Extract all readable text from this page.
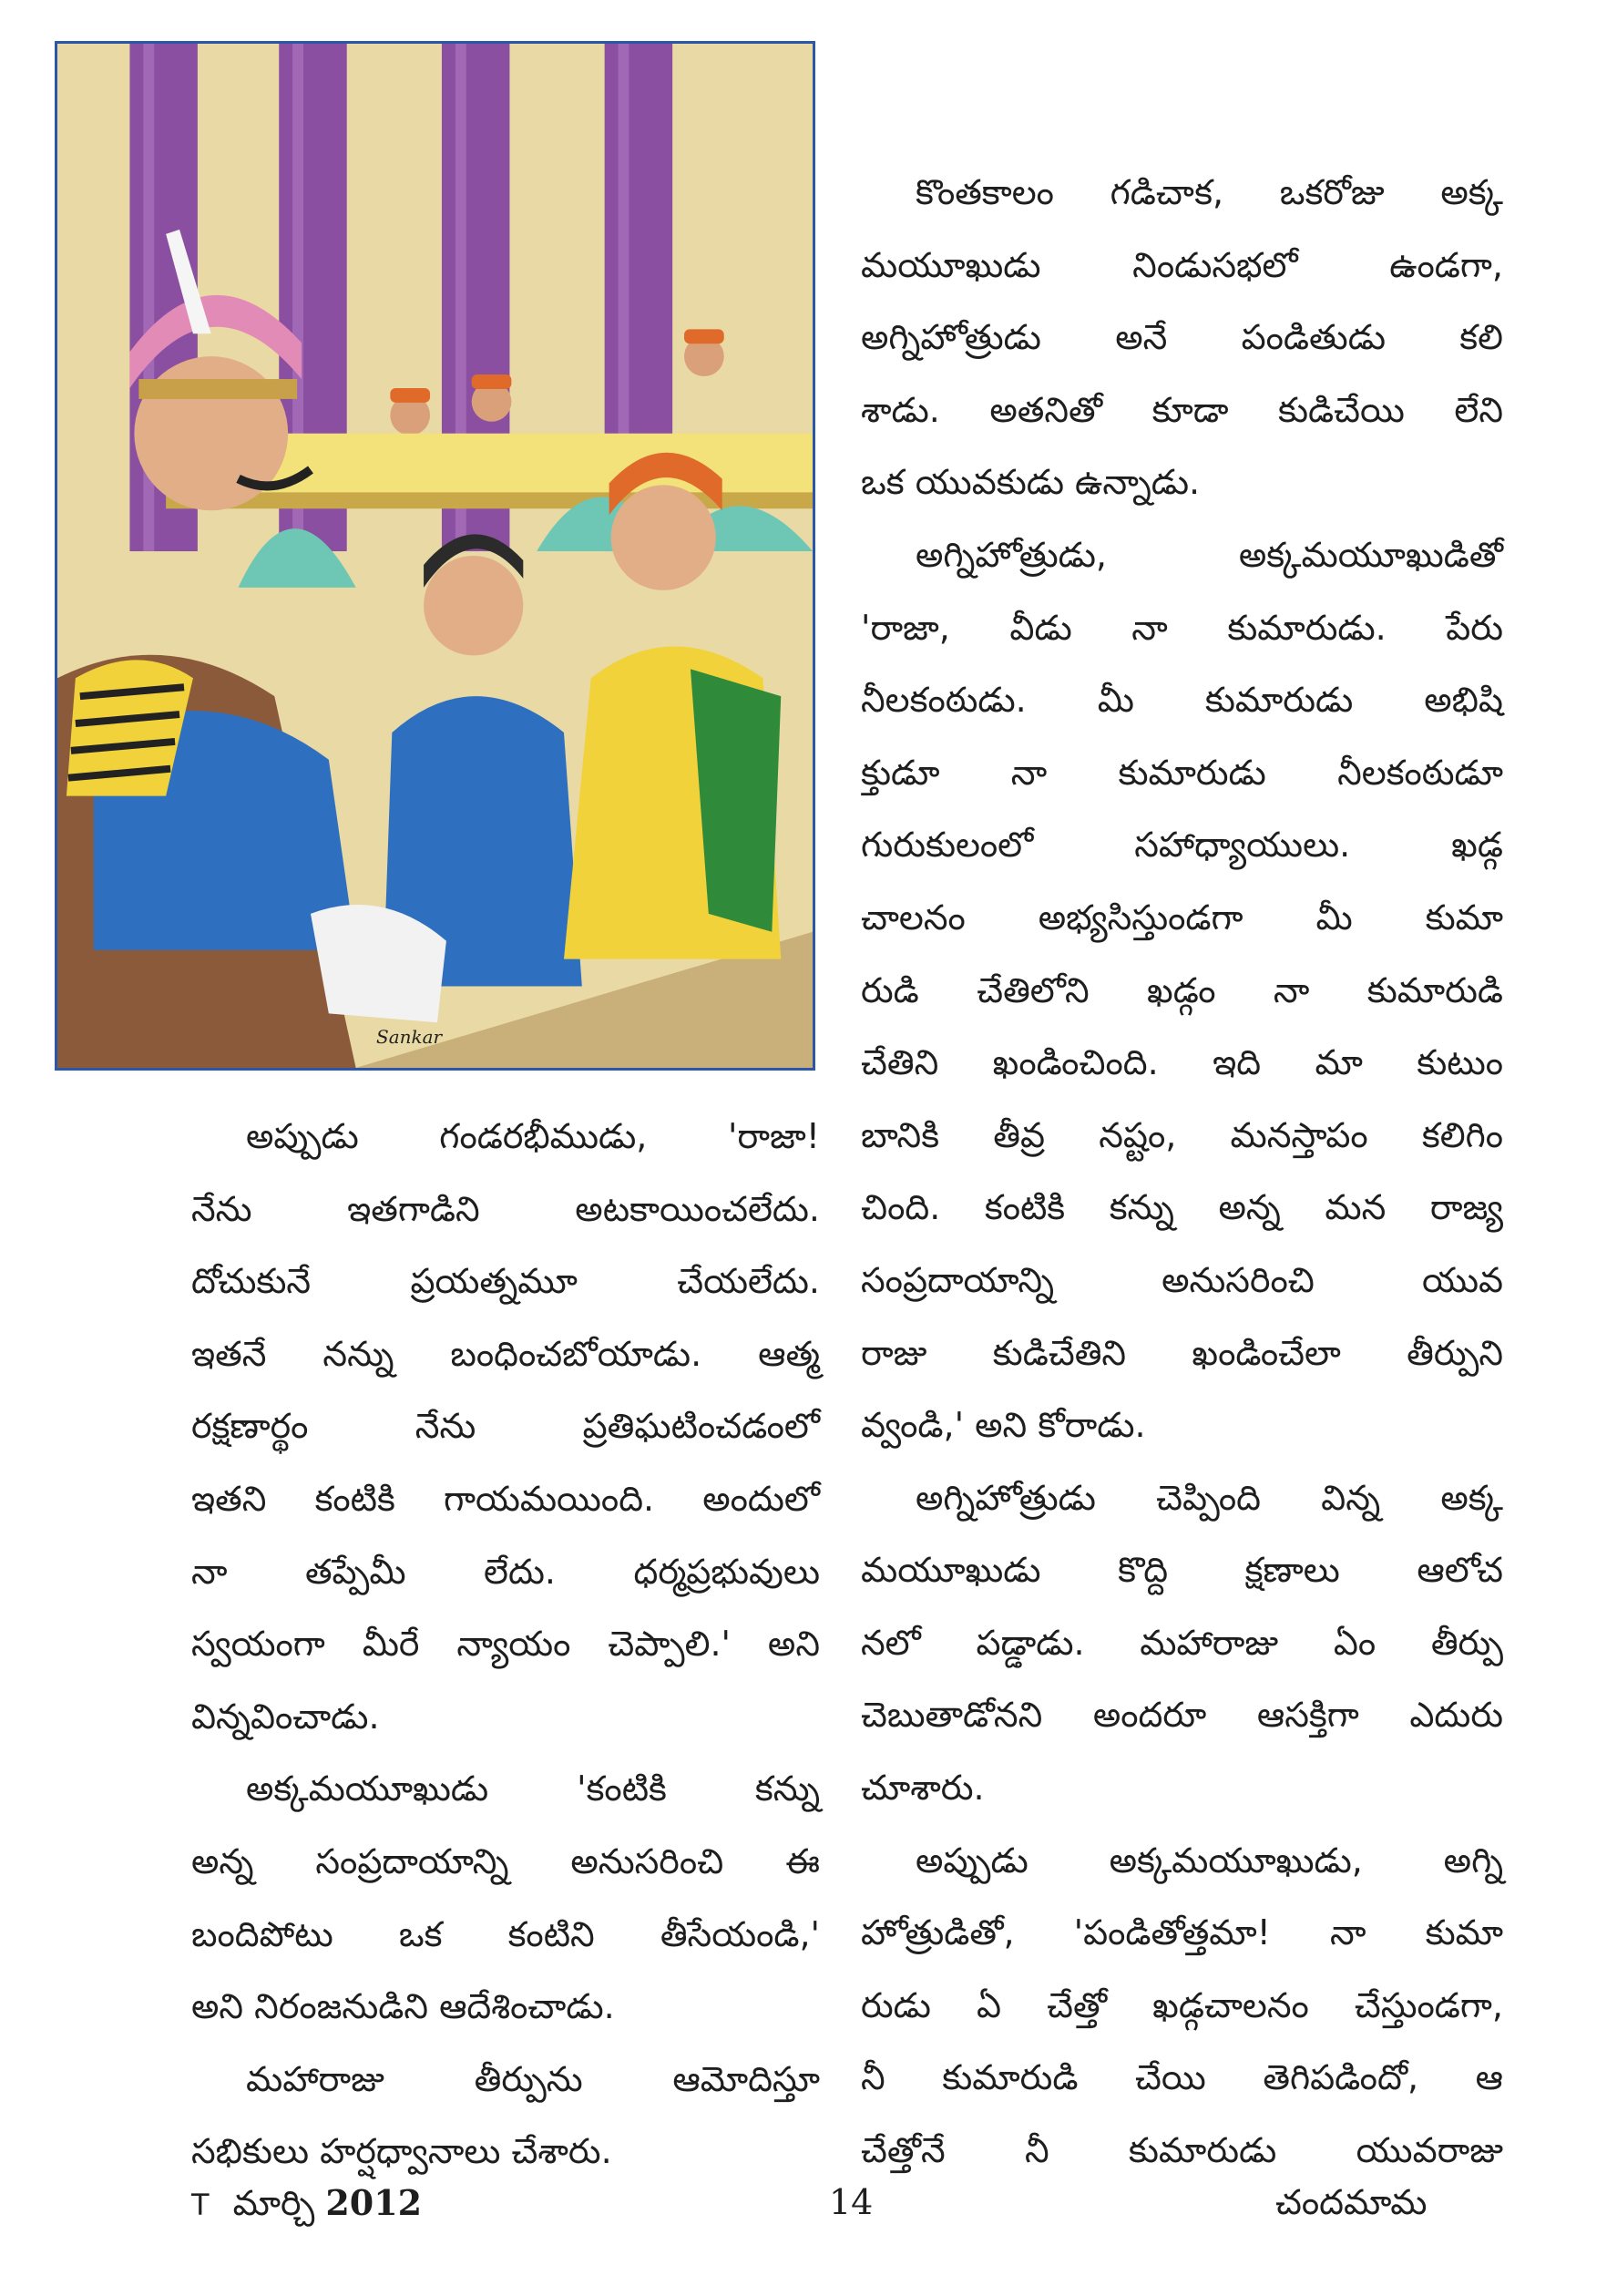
Sankar

కొంతకాలం గడిచాక, ఒకరోజు అక్క

మయూఖుడు నిండుసభలో ఉండగా,

అగ్నిహోత్రుడు అనే పండితుడు కలి

శాడు. అతనితో కూడా కుడిచేయి లేని

ఒక యువకుడు ఉన్నాడు.

అగ్నిహోత్రుడు, అక్కమయూఖుడితో

'రాజా, వీడు నా కుమారుడు. పేరు

నీలకంఠుడు. మీ కుమారుడు అభిషి

క్తుడూ నా కుమారుడు నీలకంఠుడూ

గురుకులంలో సహాధ్యాయులు. ఖడ్గ

చాలనం అభ్యసిస్తుండగా మీ కుమా

రుడి చేతిలోని ఖడ్గం నా కుమారుడి

చేతిని ఖండించింది. ఇది మా కుటుం

బానికి తీవ్ర నష్టం, మనస్తాపం కలిగిం

చింది. కంటికి కన్ను అన్న మన రాజ్య

సంప్రదాయాన్ని అనుసరించి యువ

రాజు కుడిచేతిని ఖండించేలా తీర్పుని

వ్వండి,' అని కోరాడు.

అగ్నిహోత్రుడు చెప్పింది విన్న అక్క

మయూఖుడు కొద్ది క్షణాలు ఆలోచ

నలో పడ్డాడు. మహారాజు ఏం తీర్పు

చెబుతాడోనని అందరూ ఆసక్తిగా ఎదురు

చూశారు.

అప్పుడు అక్కమయూఖుడు, అగ్ని

హోత్రుడితో, 'పండితోత్తమా! నా కుమా

రుడు ఏ చేత్తో ఖడ్గచాలనం చేస్తుండగా,

నీ కుమారుడి చేయి తెగిపడిందో, ఆ

చేత్తోనే నీ కుమారుడు యువరాజు

అప్పుడు గండరభీముడు, 'రాజా!

నేను ఇతగాడిని అటకాయించలేదు.

దోచుకునే ప్రయత్నమూ చేయలేదు.

ఇతనే నన్ను బంధించబోయాడు. ఆత్మ

రక్షణార్థం నేను ప్రతిఘటించడంలో

ఇతని కంటికి గాయమయింది. అందులో

నా తప్పేమీ లేదు. ధర్మప్రభువులు

స్వయంగా మీరే న్యాయం చెప్పాలి.' అని

విన్నవించాడు.

అక్కమయూఖుడు 'కంటికి కన్ను

అన్న సంప్రదాయాన్ని అనుసరించి ఈ

బందిపోటు ఒక కంటిని తీసేయండి,'

అని నిరంజనుడిని ఆదేశించాడు.

మహారాజు తీర్పును ఆమోదిస్తూ

సభికులు హర్షధ్వానాలు చేశారు.

T మార్చి 2012	14	చందమామ
